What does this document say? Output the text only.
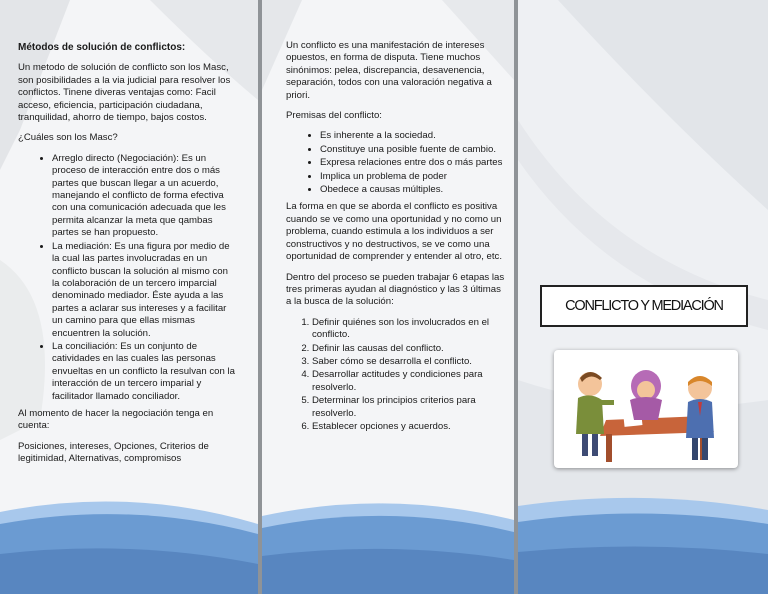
Métodos de solución de conflictos:

Un metodo de solución de conflicto son los Masc, son posibilidades a la via judicial para resolver los conflictos. Tinene diveras ventajas como: Facil acceso, eficiencia, participación ciudadana, tranquilidad, ahorro de tiempo, bajos costos.

¿Cuáles son los Masc?

• Arreglo directo (Negociación): Es un proceso de interacción entre dos o más partes que buscan llegar a un acuerdo, manejando el conflicto de forma efectiva con una comunicación adecuada que les permita alcanzar la meta que qambas partes se han propuesto.
• La mediación: Es una figura por medio de la cual las partes involucradas en un conflicto buscan la solución al mismo con la colaboración de un tercero imparcial denominado mediador. Éste ayuda a las partes a aclarar sus intereses y a facilitar un camino para que ellas mismas encuentren la solución.
• La conciliación: Es un conjunto de catividades en las cuales las personas envueltas en un conflicto la resulvan con la interacción de un tercero imparial y facilitador llamado conciliador.

Al momento de hacer la negociación tenga en cuenta:

Posiciones, intereses, Opciones, Criterios de legitimidad, Alternativas, compromisos

Un conflicto es una manifestación de intereses opuestos, en forma de disputa. Tiene muchos sinónimos: pelea, discrepancia, desavenencia, separación, todos con una valoración negativa a priori.

Premisas del conflicto:

• Es inherente a la sociedad.
• Constituye una posible fuente de cambio.
• Expresa relaciones entre dos o más partes
• Implica un problema de poder
• Obedece a causas múltiples.

La forma en que se aborda el conflicto es positiva cuando se ve como una oportunidad y no como un problema, cuando estimula a los individuos a ser constructivos y no destructivos, se ve como una oportunidad de comprender y entender al otro, etc.

Dentro del proceso se pueden trabajar 6 etapas las tres primeras ayudan al diagnóstico y las 3 últimas a la busca de la solución:

1. Definir quiénes son los involucrados en el conflicto.
2. Definir las causas del conflicto.
3. Saber cómo se desarrolla el conflicto.
4. Desarrollar actitudes y condiciones para resolverlo.
5. Determinar los principios criterios para resolverlo.
6. Establecer opciones y acuerdos.
CONFLICTO Y MEDIACIÓN
